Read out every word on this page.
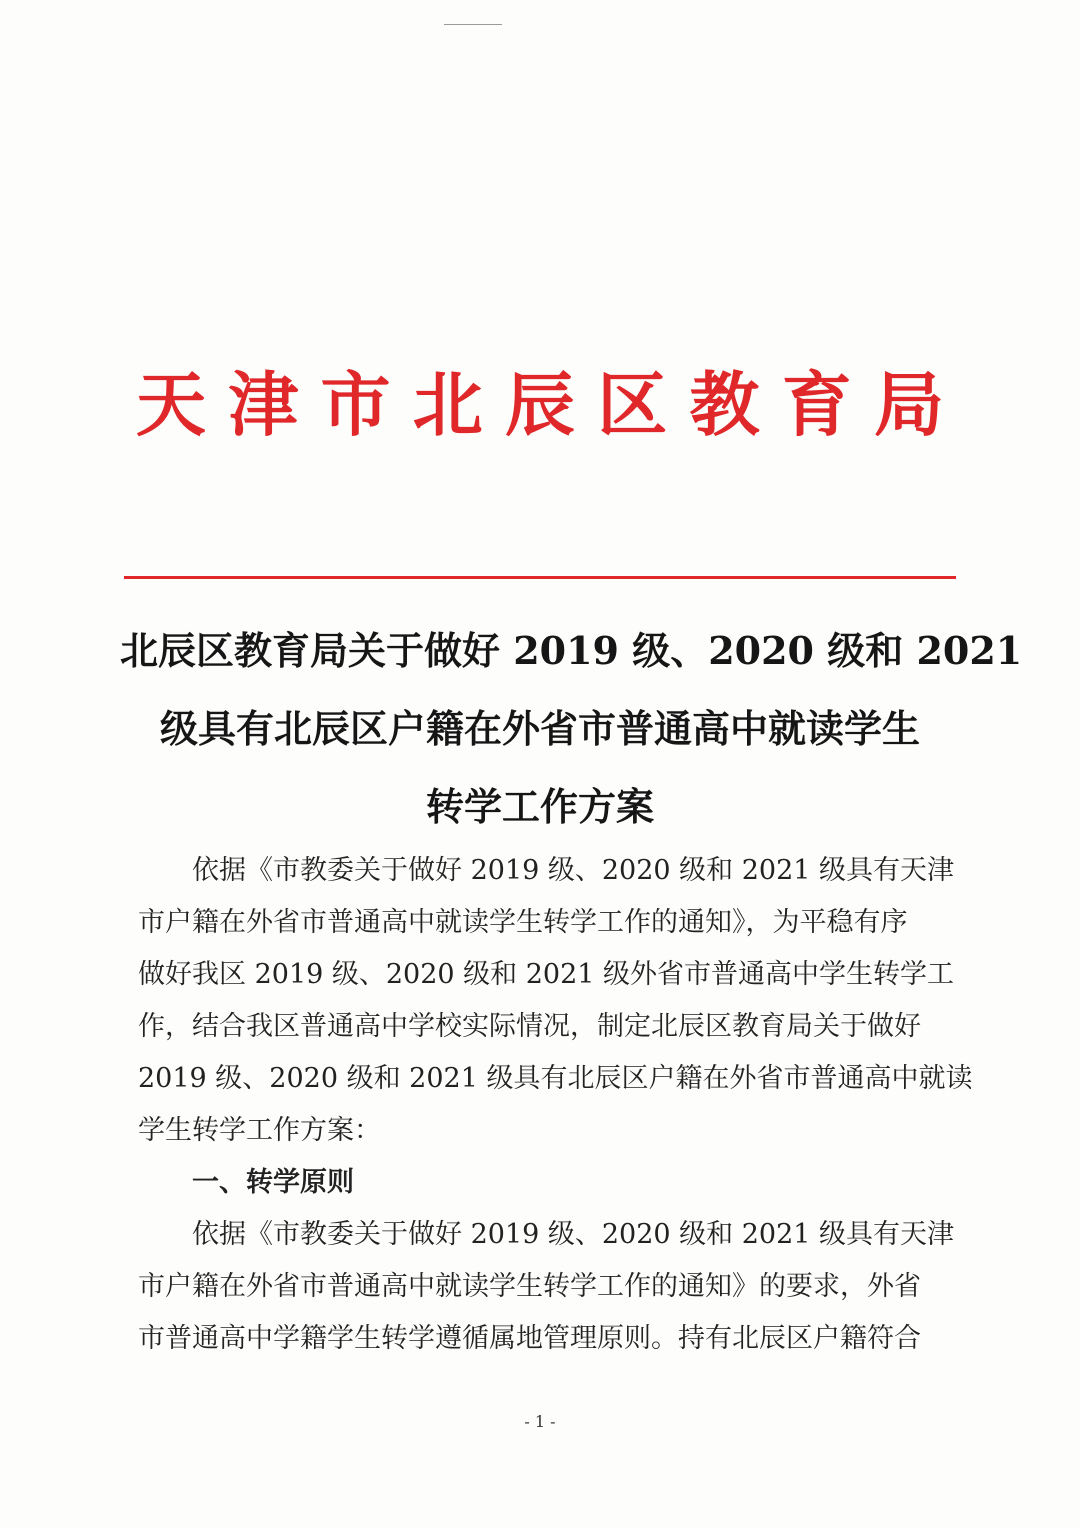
天 津 市 北 辰 区 教 育 局
北辰区教育局关于做好 2019 级、2020 级和 2021
级具有北辰区户籍在外省市普通高中就读学生
转学工作方案

依据《市教委关于做好 2019 级、2020 级和 2021 级具有天津
市户籍在外省市普通高中就读学生转学工作的通知》，为平稳有序
做好我区 2019 级、2020 级和 2021 级外省市普通高中学生转学工
作，结合我区普通高中学校实际情况，制定北辰区教育局关于做好
2019 级、2020 级和 2021 级具有北辰区户籍在外省市普通高中就读
学生转学工作方案：

一、转学原则

依据《市教委关于做好 2019 级、2020 级和 2021 级具有天津
市户籍在外省市普通高中就读学生转学工作的通知》的要求，外省
市普通高中学籍学生转学遵循属地管理原则。持有北辰区户籍符合

- 1 -
